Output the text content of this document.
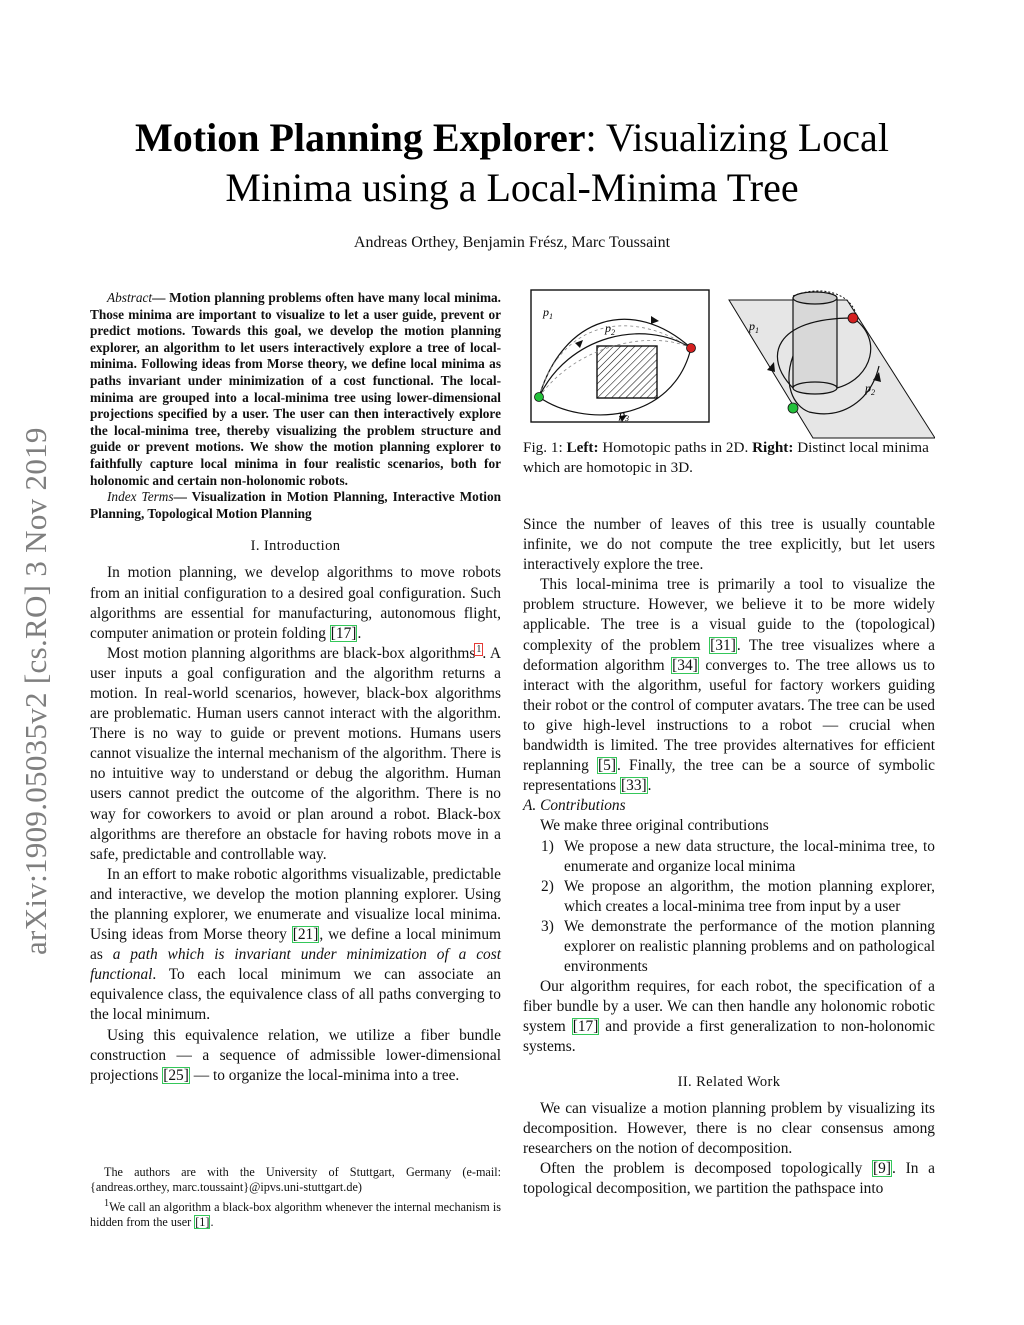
arXiv:1909.05035v2 [cs.RO] 3 Nov 2019
Motion Planning Explorer: Visualizing Local
Minima using a Local-Minima Tree
Andreas Orthey, Benjamin Frész, Marc Toussaint

Abstract— Motion planning problems often have many local minima. Those minima are important to visualize to let a user guide, prevent or predict motions. Towards this goal, we develop the motion planning explorer, an algorithm to let users interactively explore a tree of local-minima. Following ideas from Morse theory, we define local minima as paths invariant under minimization of a cost functional. The local-minima are grouped into a local-minima tree using lower-dimensional projections specified by a user. The user can then interactively explore the local-minima tree, thereby visualizing the problem structure and guide or prevent motions. We show the motion planning explorer to faithfully capture local minima in four realistic scenarios, both for holonomic and certain non-holonomic robots.

Index Terms— Visualization in Motion Planning, Interactive Motion Planning, Topological Motion Planning

I. Introduction

In motion planning, we develop algorithms to move robots from an initial configuration to a desired goal configuration. Such algorithms are essential for manufacturing, autonomous flight, computer animation or protein folding [17].

Most motion planning algorithms are black-box algorithms$^1$. A user inputs a goal configuration and the algorithm returns a motion. In real-world scenarios, however, black-box algorithms are problematic. Human users cannot interact with the algorithm. There is no way to guide or prevent motions. Humans users cannot visualize the internal mechanism of the algorithm. There is no intuitive way to understand or debug the algorithm. Human users cannot predict the outcome of the algorithm. There is no way for coworkers to avoid or plan around a robot. Black-box algorithms are therefore an obstacle for having robots move in a safe, predictable and controllable way.

In an effort to make robotic algorithms visualizable, predictable and interactive, we develop the motion planning explorer. Using the planning explorer, we enumerate and visualize local minima. Using ideas from Morse theory [21], we define a local minimum as a path which is invariant under minimization of a cost functional. To each local minimum we can associate an equivalence class, the equivalence class of all paths converging to the local minimum.

Using this equivalence relation, we utilize a fiber bundle construction — a sequence of admissible lower-dimensional projections [25] — to organize the local-minima into a tree.

The authors are with the University of Stuttgart, Germany (e-mail: {andreas.orthey, marc.toussaint}@ipvs.uni-stuttgart.de)

$^1$We call an algorithm a black-box algorithm whenever the internal mechanism is hidden from the user [1].

$p_1$
$p_2$
$p_3$
$p_1$
$p_2$
Fig. 1: Left: Homotopic paths in 2D. Right: Distinct local minima which are homotopic in 3D.

Since the number of leaves of this tree is usually countable infinite, we do not compute the tree explicitly, but let users interactively explore the tree.

This local-minima tree is primarily a tool to visualize the problem structure. However, we believe it to be more widely applicable. The tree is a visual guide to the (topological) complexity of the problem [31]. The tree visualizes where a deformation algorithm [34] converges to. The tree allows us to interact with the algorithm, useful for factory workers guiding their robot or the control of computer avatars. The tree can be used to give high-level instructions to a robot — crucial when bandwidth is limited. The tree provides alternatives for efficient replanning [5]. Finally, the tree can be a source of symbolic representations [33].

A. Contributions

We make three original contributions

1) We propose a new data structure, the local-minima tree, to enumerate and organize local minima
2) We propose an algorithm, the motion planning explorer, which creates a local-minima tree from input by a user
3) We demonstrate the performance of the motion planning explorer on realistic planning problems and on pathological environments

Our algorithm requires, for each robot, the specification of a fiber bundle by a user. We can then handle any holonomic robotic system [17] and provide a first generalization to non-holonomic systems.

II. Related Work

We can visualize a motion planning problem by visualizing its decomposition. However, there is no clear consensus among researchers on the notion of decomposition.

Often the problem is decomposed topologically [9]. In a topological decomposition, we partition the pathspace into
